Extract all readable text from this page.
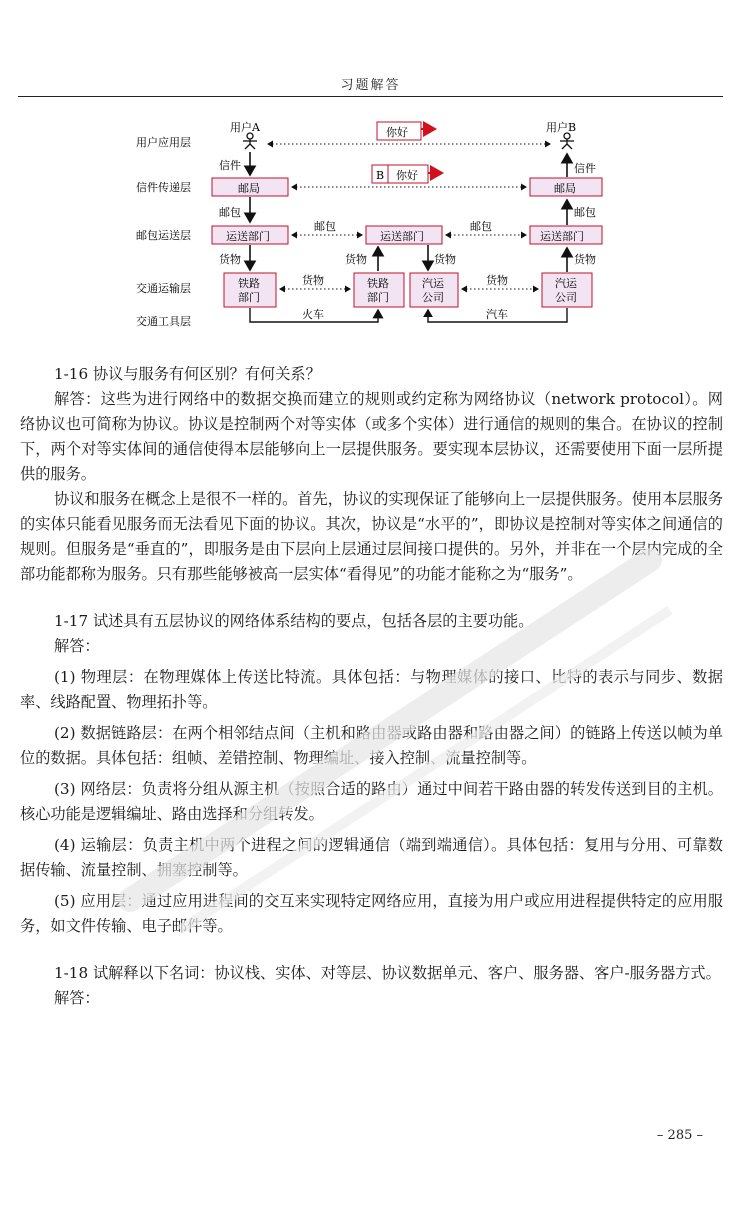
习题解答
用户应用层
信件传递层
邮包运送层
交通运输层
交通工具层
用户A	用户B
你好
信件	信件
邮局	邮局
B 你好
邮包	邮包
运送部门	运送部门	运送部门
邮包	邮包
货物	货物	货物	货物
铁路
部门
铁路
部门
汽运
公司
汽运
公司
货物	货物
火车	汽车

1-16 协议与服务有何区别？有何关系？

解答：这些为进行网络中的数据交换而建立的规则或约定称为网络协议（network protocol）。网络协议也可简称为协议。协议是控制两个对等实体（或多个实体）进行通信的规则的集合。在协议的控制下，两个对等实体间的通信使得本层能够向上一层提供服务。要实现本层协议，还需要使用下面一层所提供的服务。

协议和服务在概念上是很不一样的。首先，协议的实现保证了能够向上一层提供服务。使用本层服务的实体只能看见服务而无法看见下面的协议。其次，协议是“水平的”，即协议是控制对等实体之间通信的规则。但服务是“垂直的”，即服务是由下层向上层通过层间接口提供的。另外，并非在一个层内完成的全部功能都称为服务。只有那些能够被高一层实体“看得见”的功能才能称之为“服务”。

1-17 试述具有五层协议的网络体系结构的要点，包括各层的主要功能。

解答：

(1) 物理层：在物理媒体上传送比特流。具体包括：与物理媒体的接口、比特的表示与同步、数据率、线路配置、物理拓扑等。

(2) 数据链路层：在两个相邻结点间（主机和路由器或路由器和路由器之间）的链路上传送以帧为单位的数据。具体包括：组帧、差错控制、物理编址、接入控制、流量控制等。

(3) 网络层：负责将分组从源主机（按照合适的路由）通过中间若干路由器的转发传送到目的主机。核心功能是逻辑编址、路由选择和分组转发。

(4) 运输层：负责主机中两个进程之间的逻辑通信（端到端通信）。具体包括：复用与分用、可靠数据传输、流量控制、拥塞控制等。

(5) 应用层：通过应用进程间的交互来实现特定网络应用，直接为用户或应用进程提供特定的应用服务，如文件传输、电子邮件等。

1-18 试解释以下名词：协议栈、实体、对等层、协议数据单元、客户、服务器、客户-服务器方式。

解答：

– 285 –
